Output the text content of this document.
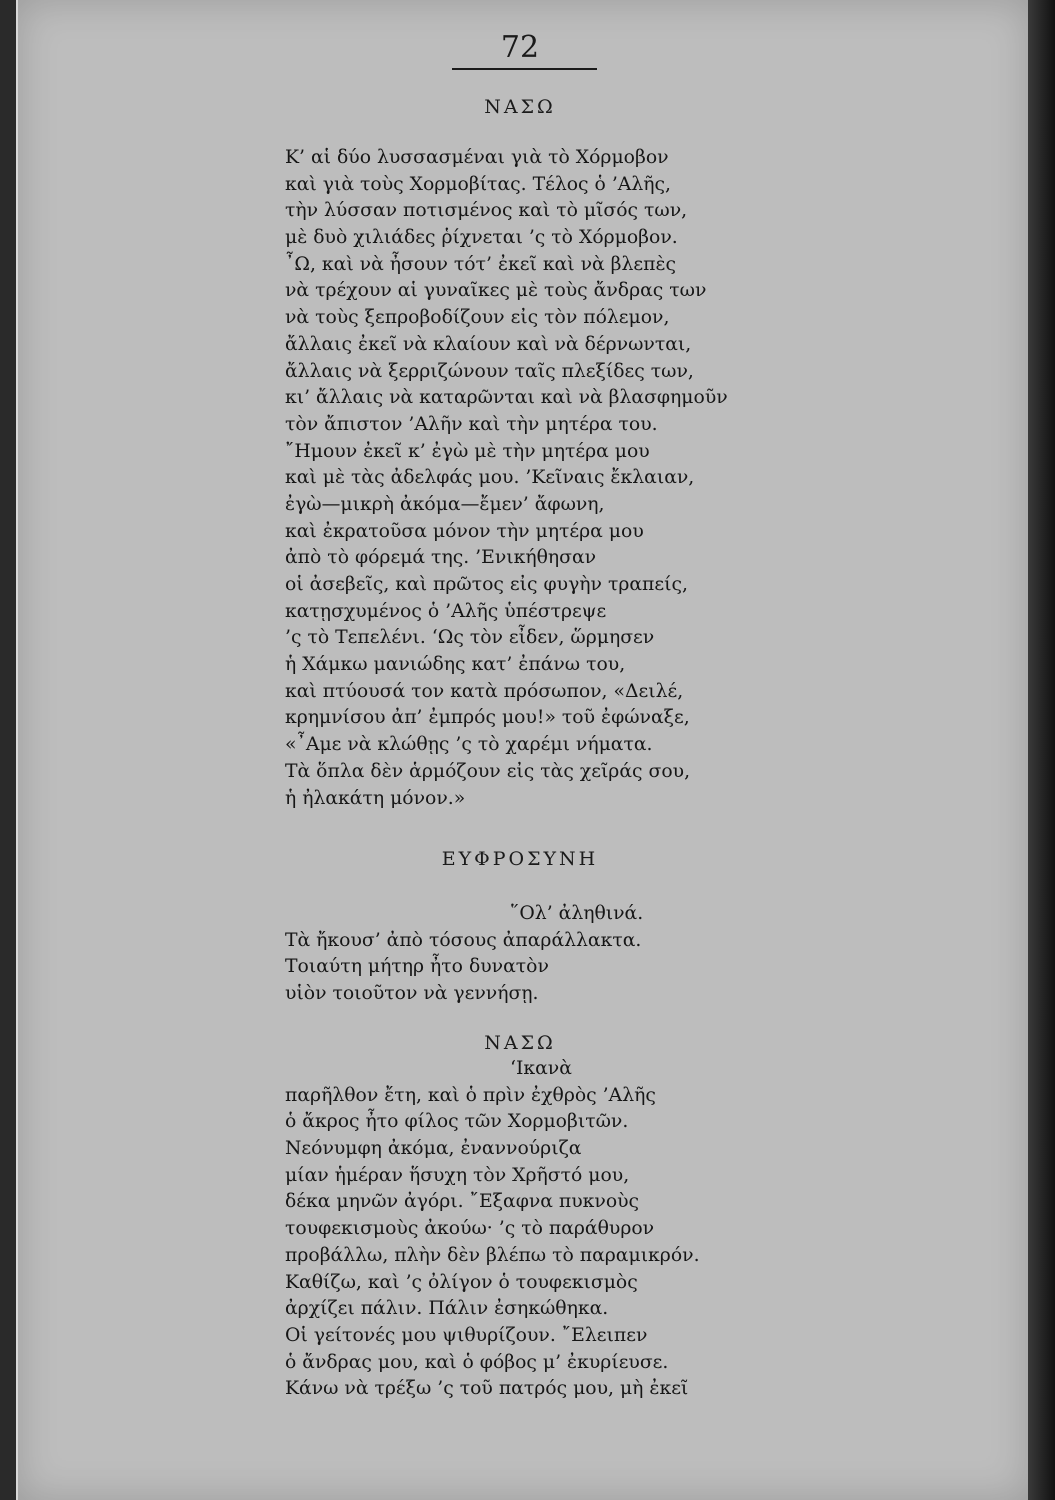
72
ΝΑΣΩ
Κ’ αἱ δύο λυσσασμέναι γιὰ τὸ Χόρμοβον
καὶ γιὰ τοὺς Χορμοβίτας. Τέλος ὁ ’Αλῆς,
τὴν λύσσαν ποτισμένος καὶ τὸ μῖσός των,
μὲ δυὸ χιλιάδες ῥίχνεται ’ς τὸ Χόρμοβον.
῏Ω, καὶ νὰ ἦσουν τότ’ ἐκεῖ καὶ νὰ βλεπὲς
νὰ τρέχουν αἱ γυναῖκες μὲ τοὺς ἄνδρας των
νὰ τοὺς ξεπροβοδίζουν εἰς τὸν πόλεμον,
ἄλλαις ἐκεῖ νὰ κλαίουν καὶ νὰ δέρνωνται,
ἄλλαις νὰ ξερριζώνουν ταῖς πλεξίδες των,
κι’ ἄλλαις νὰ καταρῶνται καὶ νὰ βλασφημοῦν
τὸν ἄπιστον ’Αλῆν καὶ τὴν μητέρα του.
῎Ημουν ἐκεῖ κ’ ἐγὼ μὲ τὴν μητέρα μου
καὶ μὲ τὰς ἀδελφάς μου. ’Κεῖναις ἔκλαιαν,
ἐγὼ—μικρὴ ἀκόμα—ἔμεν’ ἄφωνη,
καὶ ἐκρατοῦσα μόνον τὴν μητέρα μου
ἀπὸ τὸ φόρεμά της. ’Ενικήθησαν
οἱ ἀσεβεῖς, καὶ πρῶτος εἰς φυγὴν τραπείς,
κατῃσχυμένος ὁ ’Αλῆς ὑπέστρεψε
’ς τὸ Τεπελένι. ‘Ως τὸν εἶδεν, ὥρμησεν
ἡ Χάμκω μανιώδης κατ’ ἐπάνω του,
καὶ πτύουσά τον κατὰ πρόσωπον, «Δειλέ,
κρημνίσου ἀπ’ ἐμπρός μου!» τοῦ ἐφώναξε,
«῏Αμε νὰ κλώθῃς ’ς τὸ χαρέμι νήματα.
Τὰ ὅπλα δὲν ἁρμόζουν εἰς τὰς χεῖράς σου,
ἡ ἠλακάτη μόνον.»
ΕΥΦΡΟΣΥΝΗ
῞Ολ’ ἀληθινά.
Τὰ ἤκουσ’ ἀπὸ τόσους ἀπαράλλακτα.
Τοιαύτη μήτηρ ἦτο δυνατὸν
υἱὸν τοιοῦτον νὰ γεννήσῃ.
ΝΑΣΩ
‘Ικανὰ
παρῆλθον ἔτη, καὶ ὁ πρὶν ἐχθρὸς ’Αλῆς
ὁ ἄκρος ἦτο φίλος τῶν Χορμοβιτῶν.
Νεόνυμφη ἀκόμα, ἐναννούριζα
μίαν ἡμέραν ἥσυχη τὸν Χρῆστό μου,
δέκα μηνῶν ἀγόρι. ῎Εξαφνα πυκνοὺς
τουφεκισμοὺς ἀκούω· ’ς τὸ παράθυρον
προβάλλω, πλὴν δὲν βλέπω τὸ παραμικρόν.
Καθίζω, καὶ ’ς ὀλίγον ὁ τουφεκισμὸς
ἀρχίζει πάλιν. Πάλιν ἐσηκώθηκα.
Οἱ γείτονές μου ψιθυρίζουν. ῎Ελειπεν
ὁ ἄνδρας μου, καὶ ὁ φόβος μ’ ἐκυρίευσε.
Κάνω νὰ τρέξω ’ς τοῦ πατρός μου, μὴ ἐκεῖ
